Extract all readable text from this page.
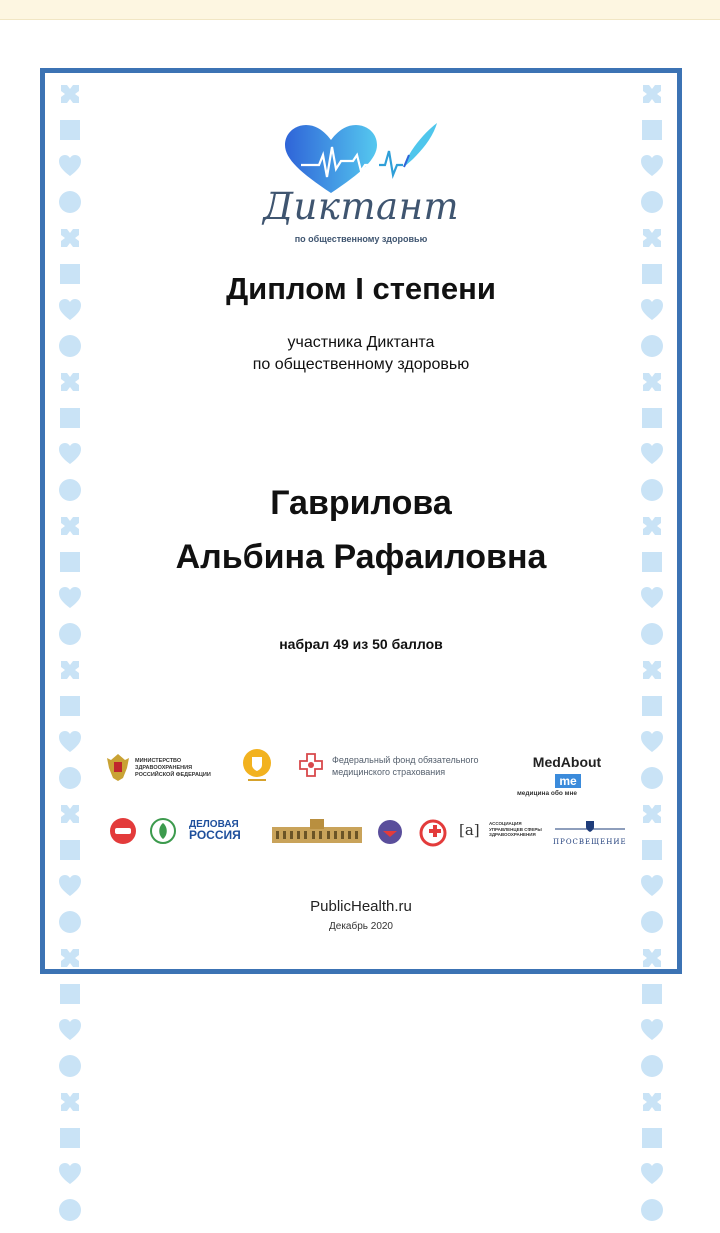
Диктант
по общественному здоровью
Диплом I степени
участника Диктанта
по общественному здоровью
Гаврилова
Альбина Рафаиловна
набрал 49 из 50 баллов
МИНИСТЕРСТВО ЗДРАВООХРАНЕНИЯ РОССИЙСКОЙ ФЕДЕРАЦИИ
Федеральный фонд обязательного
медицинского страхования
MedAbout me
медицина обо мне
ДЕЛОВАЯ
РОССИЯ	[a] АССОЦИАЦИЯ УПРАВЛЕНЦЕВ СФЕРЫ ЗДРАВООХРАНЕНИЯ
ПРОСВЕЩЕНИЕ
PublicHealth.ru
Декабрь 2020
